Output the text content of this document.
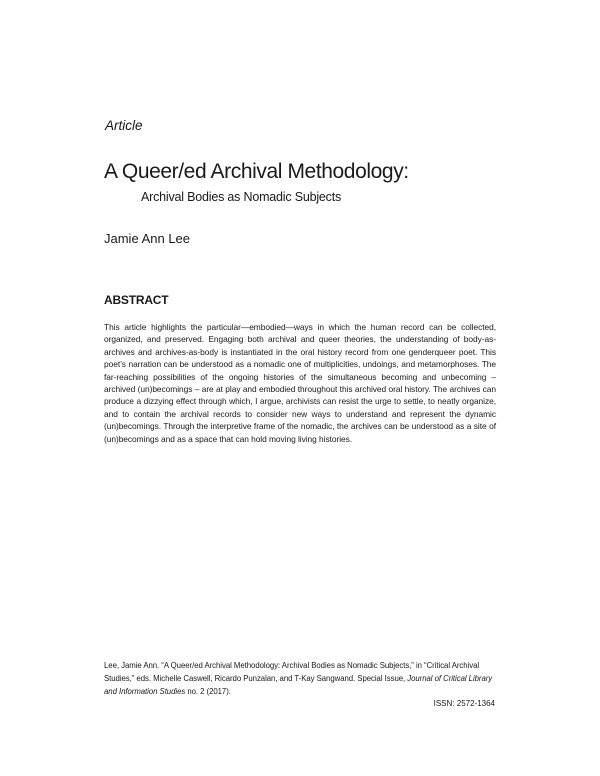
Article
A Queer/ed Archival Methodology:
Archival Bodies as Nomadic Subjects
Jamie Ann Lee
ABSTRACT
This article highlights the particular—embodied—ways in which the human record can be collected, organized, and preserved. Engaging both archival and queer theories, the understanding of body-as-archives and archives-as-body is instantiated in the oral history record from one genderqueer poet. This poet’s narration can be understood as a nomadic one of multiplicities, undoings, and metamorphoses. The far-reaching possibilities of the ongoing histories of the simultaneous becoming and unbecoming – archived (un)becomings – are at play and embodied throughout this archived oral history. The archives can produce a dizzying effect through which, I argue, archivists can resist the urge to settle, to neatly organize, and to contain the archival records to consider new ways to understand and represent the dynamic (un)becomings. Through the interpretive frame of the nomadic, the archives can be understood as a site of (un)becomings and as a space that can hold moving living histories.
Lee, Jamie Ann. “A Queer/ed Archival Methodology: Archival Bodies as Nomadic Subjects,” in “Critical Archival Studies,” eds. Michelle Caswell, Ricardo Punzalan, and T-Kay Sangwand. Special Issue, Journal of Critical Library and Information Studies no. 2 (2017).
ISSN: 2572-1364
